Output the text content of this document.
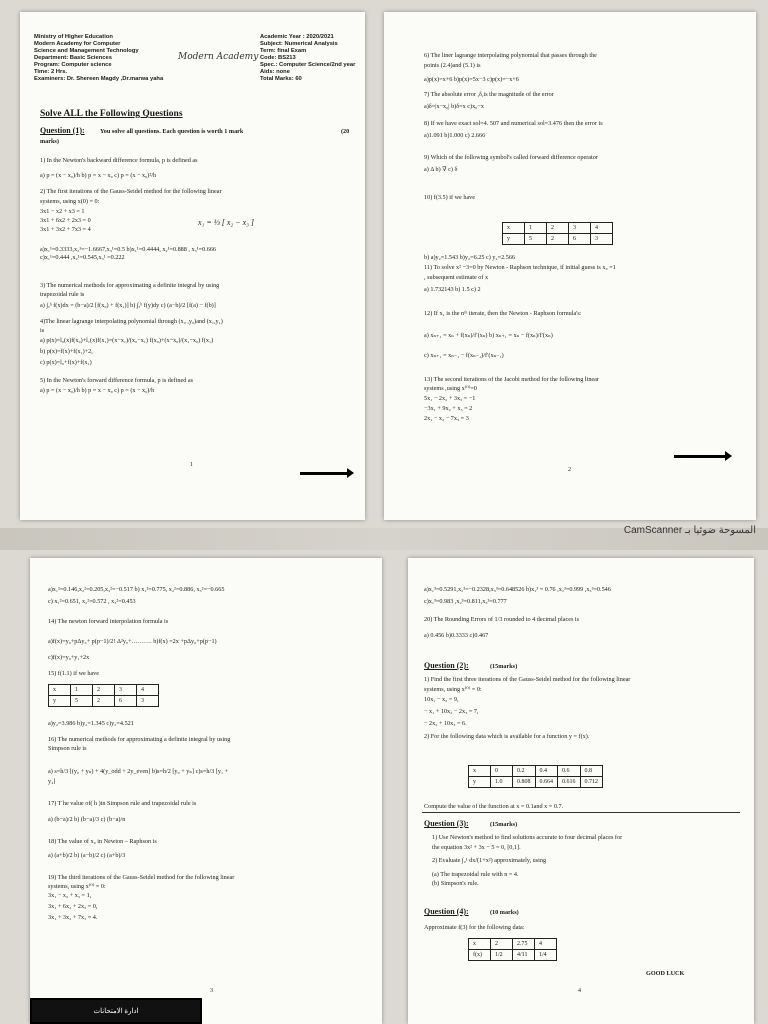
CamScanner المسوحة ضوئيا بـ
Ministry of Higher Education
Modern Academy for Computer
Science and Management Technology
Department: Basic Sciences
Program: Computer science
Time: 2 Hrs.
Examiners: Dr. Shereen Magdy ,Dr.marwa yaha
Academic Year : 2020/2021
Subject: Numerical Analysis
Term: final Exam
Code: BS213
Spec.: Computer Science/2nd year
Aids: none
Total Marks: 60
Modern Academy
Solve ALL the Following Questions
Question (1): You solve all questions. Each question is worth 1 mark	(20
marks)
1) In the Newton's backward difference formula, p is defined as
a) p = (x − x₀)/h b) p = x − x₀ c) p = (x − x₀)²/h
2) The first iterations of the Gauss-Seidel method for the following linear
systems, using x(0) = 0:
3x1 − x2 + x3 = 1
3x1 + 6x2 + 2x3 = 0
3x1 + 3x2 + 7x3 = 4
a)x₁¹=0.3333,x₂¹=−1.6667,x₃¹=0.5 b)x₁¹=0.4444, x₂¹=0.888 , x₃¹=0.666
c)x₁¹=0.444 ,x₂¹=0.545,x₃¹ =0.222
3) The numerical methods for approximating a definite integral by using
trapezoidal rule is
a) ∫ₐᵇ f(x)dx = (b−a)/2 [f(x₀) + f(x₁)] b) ∫ₐᵇ f(y)dy c) (a−b)/2 [f(a) − f(b)]
4)The linear lagrange interpolating polynomial through (x₀ ,y₀)and (x₁,y₁)
is
a) p(x)=l₀(x)f(x₀)+l₁(x)f(x₁)=(x−x₁)/(x₀−x₁) f(x₀)+(x−x₀)/(x₁−x₀) f(x₁)
b) p(x)=f(x)+f(x₁)+2,
c) p(x)=l₀+f(x)+f(x₁)
5) In the Newton's forward difference formula, p is defined as
a) p = (x − x₀)/h b) p = x − x₀ c) p = (x − x₀)/h
x₁ = ⅓ [ x₂ − x₃ ]
1
6) The liner lagrange interpolating polynomial that passes through the
points (2.4)and (5.1) is
a)p(x)=x+6 b)p(x)=5x−3 c)p(x)=−x+6
7) The absolute error ,δ,is the magnitude of the error
a)δ=|x−x₀| b)δ=x c)x₀−x
8) If we have exact sol=4. 507 and numerical sol=3.476 then the error is
a)1.091 b)1.000 c) 2.666
9) Which of the following symbol's called forward difference operator
a) Δ b) ∇ c) δ
10) f(3.5) if we have
b) a)y₂=1.543 b)y₂=6.25 c) y₂=2.566
11) To solve x² −3=0 by Newton - Raphson technique, if initial guess is x₀ =1
, subsequent estimate of x
a) 1.732143 b) 1.5 c) 2
12) If x₁ is the nᵗʰ iterate, then the Newton - Raphson formula's:
a) xₙ₊₁ = xₙ + f(xₙ)/f′(xₙ) b) xₙ₊₁ = xₙ − f(xₙ)/f′(xₙ)
c) xₙ₊₁ = xₙ₋₁ − f(xₙ₋₁)/f′(xₙ₋₁)
13) The second iterations of the Jacobi method for the following linear
systems ,using x⁽⁰⁾=0
5x₁ − 2x₂ + 3x₃ = −1
−3x₁ + 9x₂ + x₃ = 2
2x₁ − x₂ − 7x₃ = 3
x	1	2	3	4
y	5	2	6	3
2
a)x₁²=0.146,x₂²=0.205,x₃²=−0.517 b) x₁²=0.775, x₂²=0.886, x₃²=−0.665
c) x₁²=0.651, x₂²=0.572 , x₃²=0.453
14) The newton forward interpolation formula is
a)f(x)=y₀+pΔy₀+ p(p−1)/2! Δ²y₀+………. b)f(x) =2x +pΔy₀+p(p−1)
c)f(x)=y₀+y₁+2x
15) f(1.1) if we have
a)y₂=3.986 b)y₂=1.345 c)y₂=4.521
16) The numerical methods for approximating a definite integral by using
Simpson rule is
a) s=h/3 [(y₀ + yₙ) + 4(y_odd + 2y_even] b)s=h/2 [y₀ + yₙ] c)s=h/3 [y₁ +
y₄]
17) T he value of( h )in Simpson rule and trapezoidal rule is
a) (b−a)/2 b) (b−a)/3 c) (b−a)/n
18) The value of x₀ in Newton – Raphson is
a) (a+b)/2 b) (a−b)/2 c) (a+b)/3
19) The third iterations of the Gauss-Seidel method for the following linear
systems, using x⁽⁰⁾ = 0:
3x₁ − x₂ + x₃ = 1,
3x₁ + 6x₂ + 2x₃ = 0,
3x₁ + 3x₂ + 7x₃ = 4.
x	1	2	3	4
y	5	2	6	3
3
ادارة الامتحانات
a)x₁³=0.5291,x₂³=−0.2328,x₃³=0.648526 b)x₁³ = 0.76 ,x₂³=0.999 ,x₃³=0.546
c)x₁³=0.983 ,x₂³=0.811,x₃³=0.777
20) The Rounding Errors of 1/3 rounded to 4 decimal places is
a) 0.456 b)0.3333 c)0.467
Question (2):	(15marks)
1) Find the first three iterations of the Gauss-Seidel method for the following linear
systems, using x⁽⁰⁾ = 0:
10x₁ − x₂ = 9,
− x₁ + 10x₂ − 2x₃ = 7,
− 2x₂ + 10x₃ = 6.
2) For the following data which is available for a function y = f(x).
x	0	0.2	0.4	0.6	0.8
y	1.0	0.808	0.664	0.616	0.712
Compute the value of the function at x = 0.1and x = 0.7.
Question (3):	(15marks)
1) Use Newton's method to find solutions accurate to four decimal places for
the equation 3x² + 3x − 5 = 0, [0,1].
2) Evaluate ∫₀¹ dx/(1+x²) approximately, using
(a) The trapezoidal rule with n = 4.
(b) Simpson's rule.
Question (4):	(10 marks)
Approximate f(3) for the following data:
x	2	2.75	4
f(x)	1/2	4/11	1/4
GOOD LUCK
4
